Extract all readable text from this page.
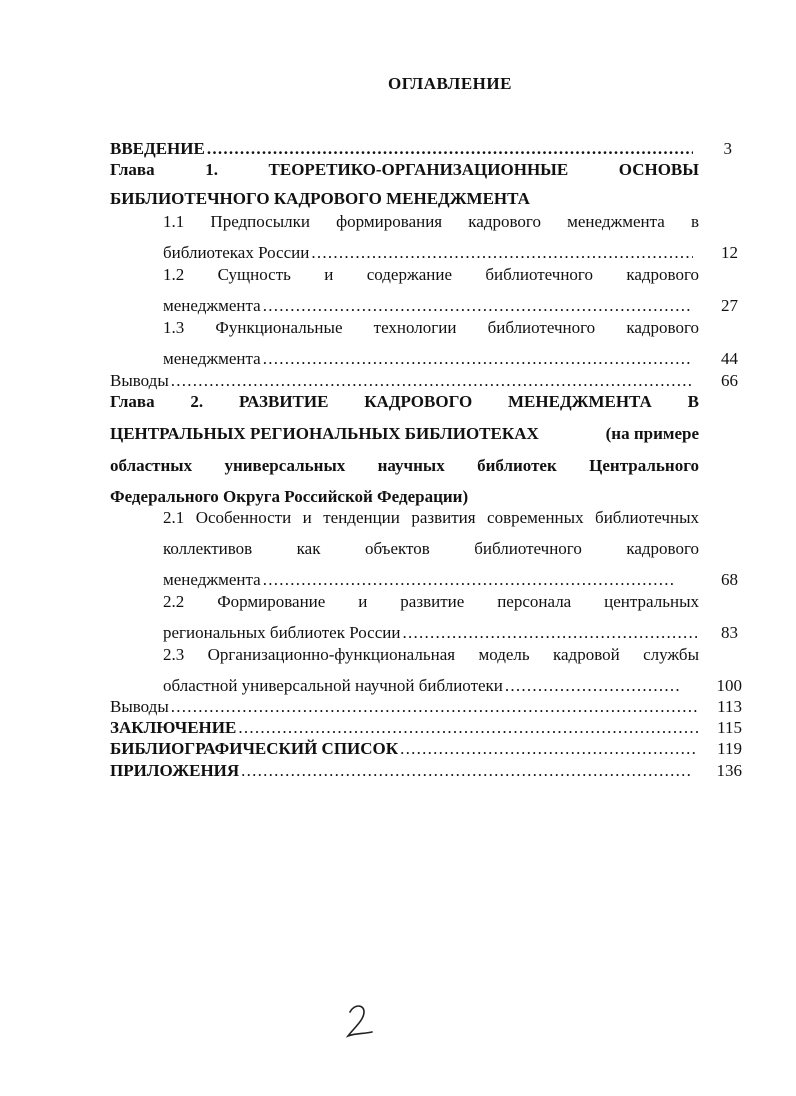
ОГЛАВЛЕНИЕ
ВВЕДЕНИЕ . . .	3
Глава	1.	ТЕОРЕТИКО-ОРГАНИЗАЦИОННЫЕ	ОСНОВЫ
БИБЛИОТЕЧНОГО КАДРОВОГО МЕНЕДЖМЕНТА
1.1 Предпосылки формирования кадрового менеджмента в
библиотеках России . . .	12
1.2 Сущность и содержание библиотечного кадрового
менеджмента . . .	27
1.3 Функциональные технологии библиотечного кадрового
менеджмента . . .	44
Выводы . . .	66
Глава 2. РАЗВИТИЕ КАДРОВОГО МЕНЕДЖМЕНТА В
ЦЕНТРАЛЬНЫХ РЕГИОНАЛЬНЫХ БИБЛИОТЕКАХ	(на примере
областных универсальных научных библиотек Центрального
Федерального Округа Российской Федерации)
2.1 Особенности и тенденции развития современных библиотечных
коллективов как объектов библиотечного кадрового
менеджмента . . .	68
2.2 Формирование и развитие персонала центральных
региональных библиотек России . . .	83
2.3 Организационно-функциональная модель кадровой службы
областной универсальной научной библиотеки . . .	100
Выводы . . .	113
ЗАКЛЮЧЕНИЕ . . .	115
БИБЛИОГРАФИЧЕСКИЙ СПИСОК . . .	119
ПРИЛОЖЕНИЯ . . .	136
